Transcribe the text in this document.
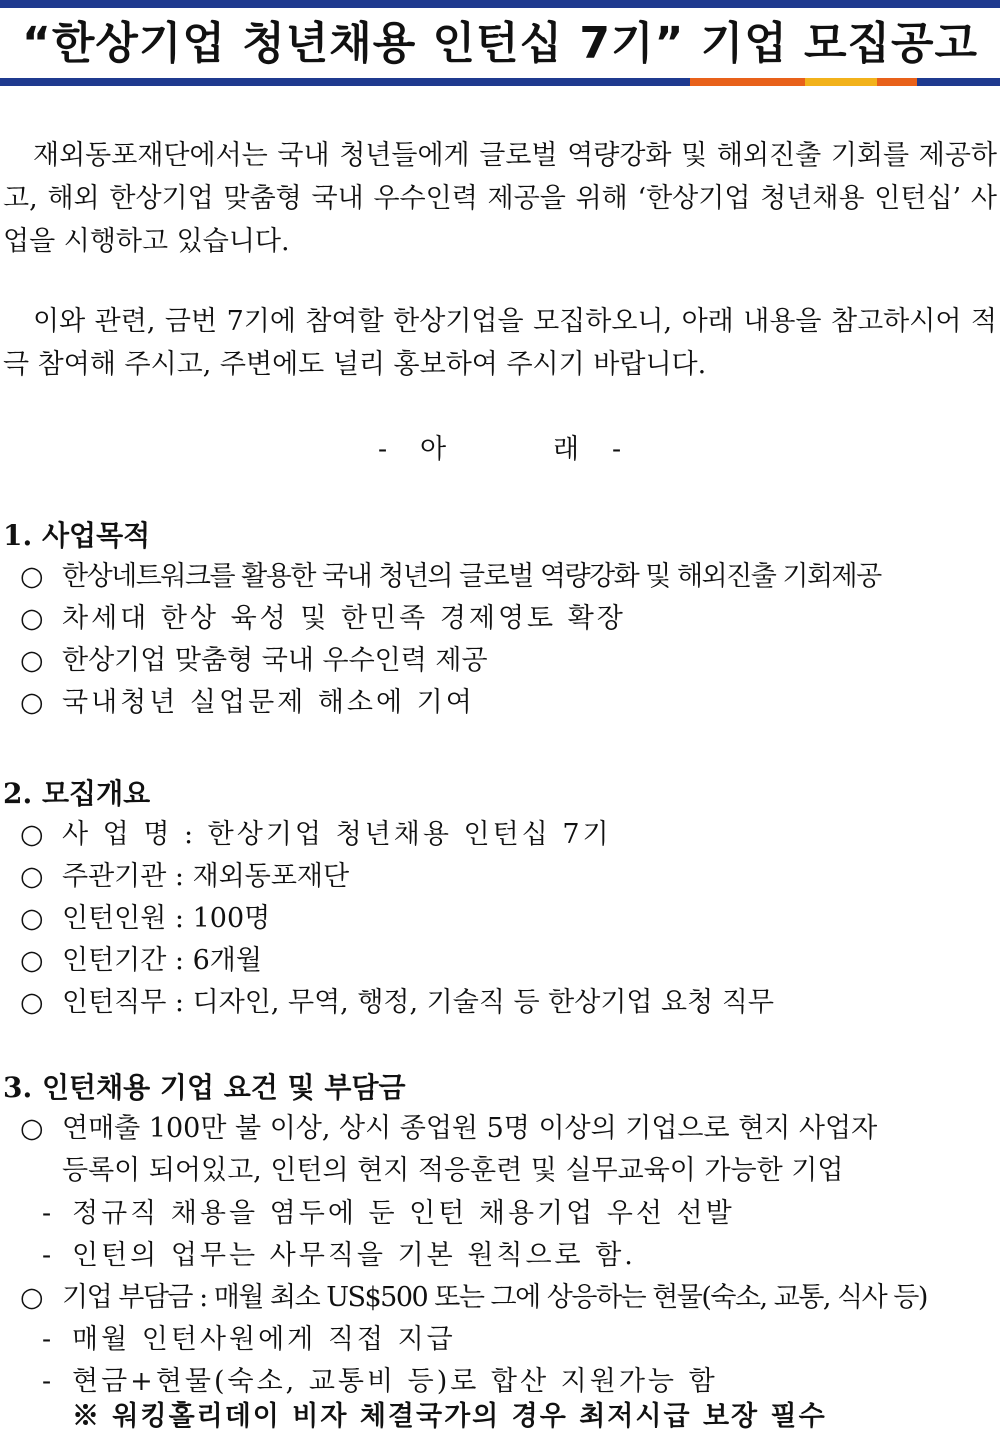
“한상기업 청년채용 인턴십 7기” 기업 모집공고
재외동포재단에서는 국내 청년들에게 글로벌 역량강화 및 해외진출 기회를 제공하고, 해외 한상기업 맞춤형 국내 우수인력 제공을 위해 ‘한상기업 청년채용 인턴십’ 사업을 시행하고 있습니다.
이와 관련, 금번 7기에 참여할 한상기업을 모집하오니, 아래 내용을 참고하시어 적극 참여해 주시고, 주변에도 널리 홍보하여 주시기 바랍니다.
- 아	래 -
1. 사업목적
○ 한상네트워크를 활용한 국내 청년의 글로벌 역량강화 및 해외진출 기회제공
○ 차세대 한상 육성 및 한민족 경제영토 확장
○ 한상기업 맞춤형 국내 우수인력 제공
○ 국내청년 실업문제 해소에 기여
2. 모집개요
○ 사 업 명 : 한상기업 청년채용 인턴십 7기
○ 주관기관 : 재외동포재단
○ 인턴인원 : 100명
○ 인턴기간 : 6개월
○ 인턴직무 : 디자인, 무역, 행정, 기술직 등 한상기업 요청 직무
3. 인턴채용 기업 요건 및 부담금
○ 연매출 100만 불 이상, 상시 종업원 5명 이상의 기업으로 현지 사업자
등록이 되어있고, 인턴의 현지 적응훈련 및 실무교육이 가능한 기업
- 정규직 채용을 염두에 둔 인턴 채용기업 우선 선발
- 인턴의 업무는 사무직을 기본 원칙으로 함.
○ 기업 부담금 : 매월 최소 US$500 또는 그에 상응하는 현물(숙소, 교통, 식사 등)
- 매월 인턴사원에게 직접 지급
- 현금+현물(숙소, 교통비 등)로 합산 지원가능 함
※ 워킹홀리데이 비자 체결국가의 경우 최저시급 보장 필수
